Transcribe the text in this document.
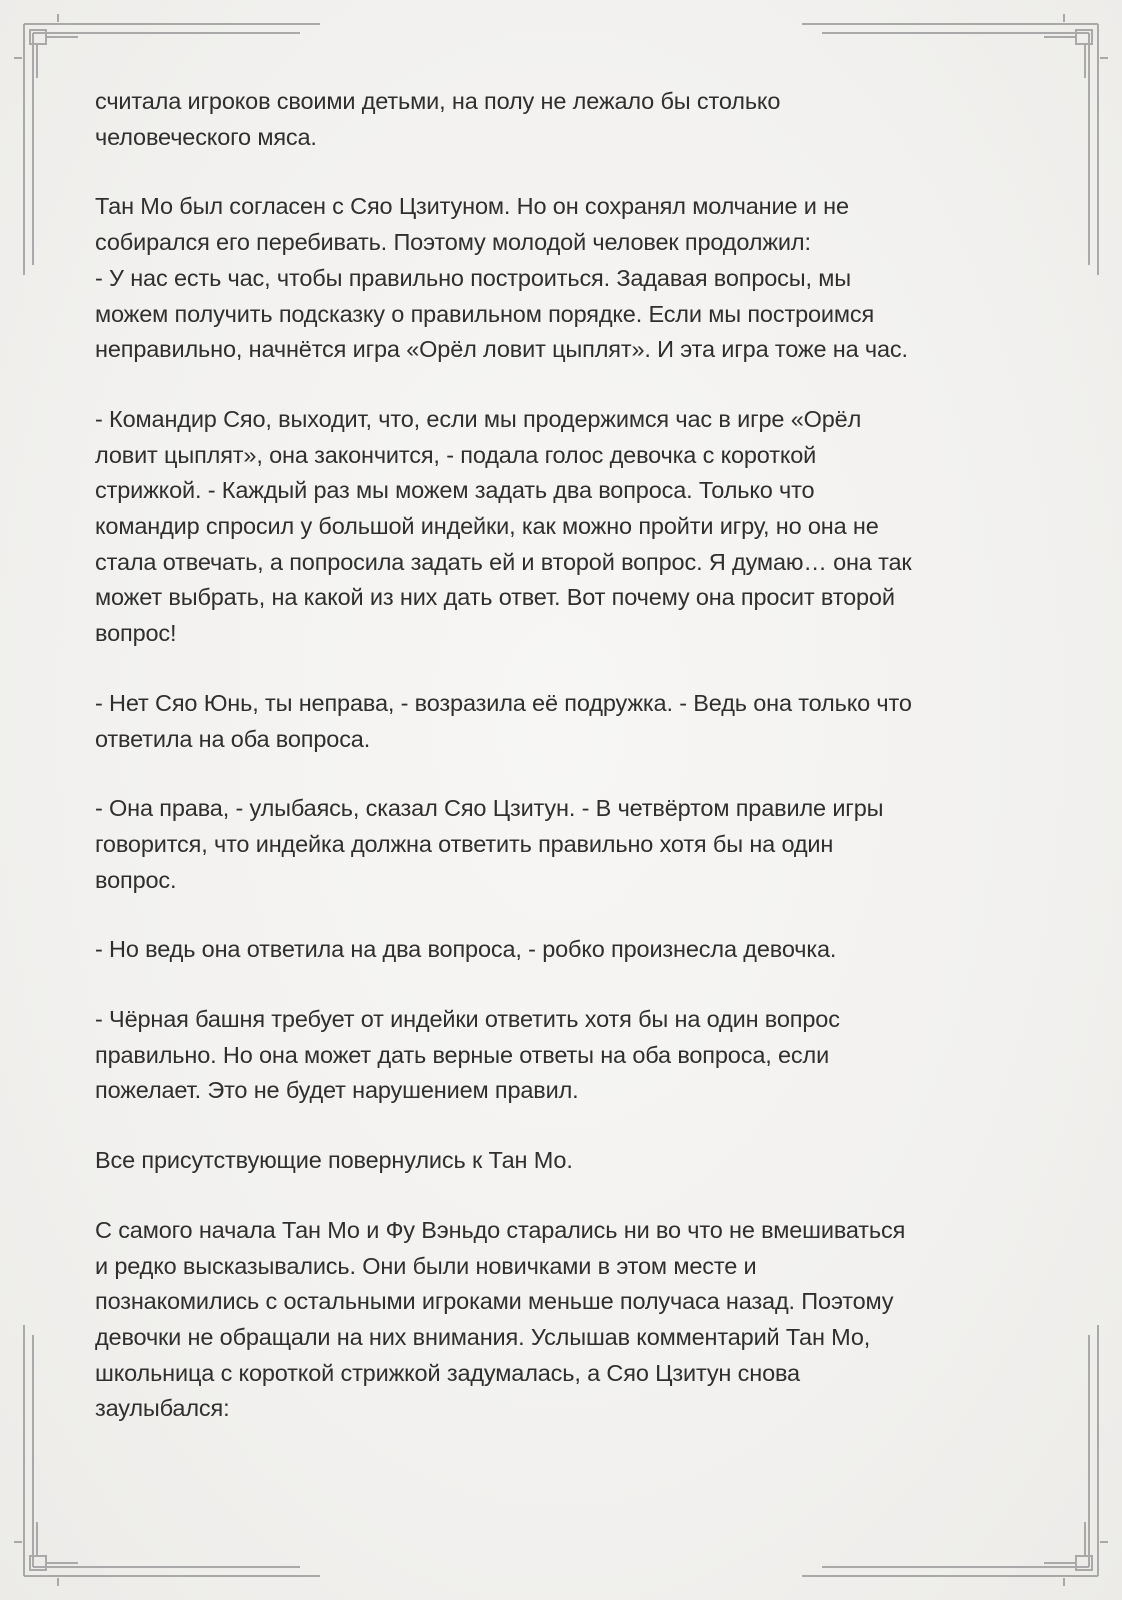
считала игроков своими детьми, на полу не лежало бы столько
человеческого мяса.

Тан Мо был согласен с Сяо Цзитуном. Но он сохранял молчание и не
собирался его перебивать. Поэтому молодой человек продолжил:
- У нас есть час, чтобы правильно построиться. Задавая вопросы, мы
можем получить подсказку о правильном порядке. Если мы построимся
неправильно, начнётся игра «Орёл ловит цыплят». И эта игра тоже на час.

- Командир Сяо, выходит, что, если мы продержимся час в игре «Орёл
ловит цыплят», она закончится, - подала голос девочка с короткой
стрижкой. - Каждый раз мы можем задать два вопроса. Только что
командир спросил у большой индейки, как можно пройти игру, но она не
стала отвечать, а попросила задать ей и второй вопрос. Я думаю… она так
может выбрать, на какой из них дать ответ. Вот почему она просит второй
вопрос!

- Нет Сяо Юнь, ты неправа, - возразила её подружка. - Ведь она только что
ответила на оба вопроса.

- Она права, - улыбаясь, сказал Сяо Цзитун. - В четвёртом правиле игры
говорится, что индейка должна ответить правильно хотя бы на один
вопрос.

- Но ведь она ответила на два вопроса, - робко произнесла девочка.

- Чёрная башня требует от индейки ответить хотя бы на один вопрос
правильно. Но она может дать верные ответы на оба вопроса, если
пожелает. Это не будет нарушением правил.

Все присутствующие повернулись к Тан Мо.

С самого начала Тан Мо и Фу Вэньдо старались ни во что не вмешиваться
и редко высказывались. Они были новичками в этом месте и
познакомились с остальными игроками меньше получаса назад. Поэтому
девочки не обращали на них внимания. Услышав комментарий Тан Мо,
школьница с короткой стрижкой задумалась, а Сяо Цзитун снова
заулыбался:
